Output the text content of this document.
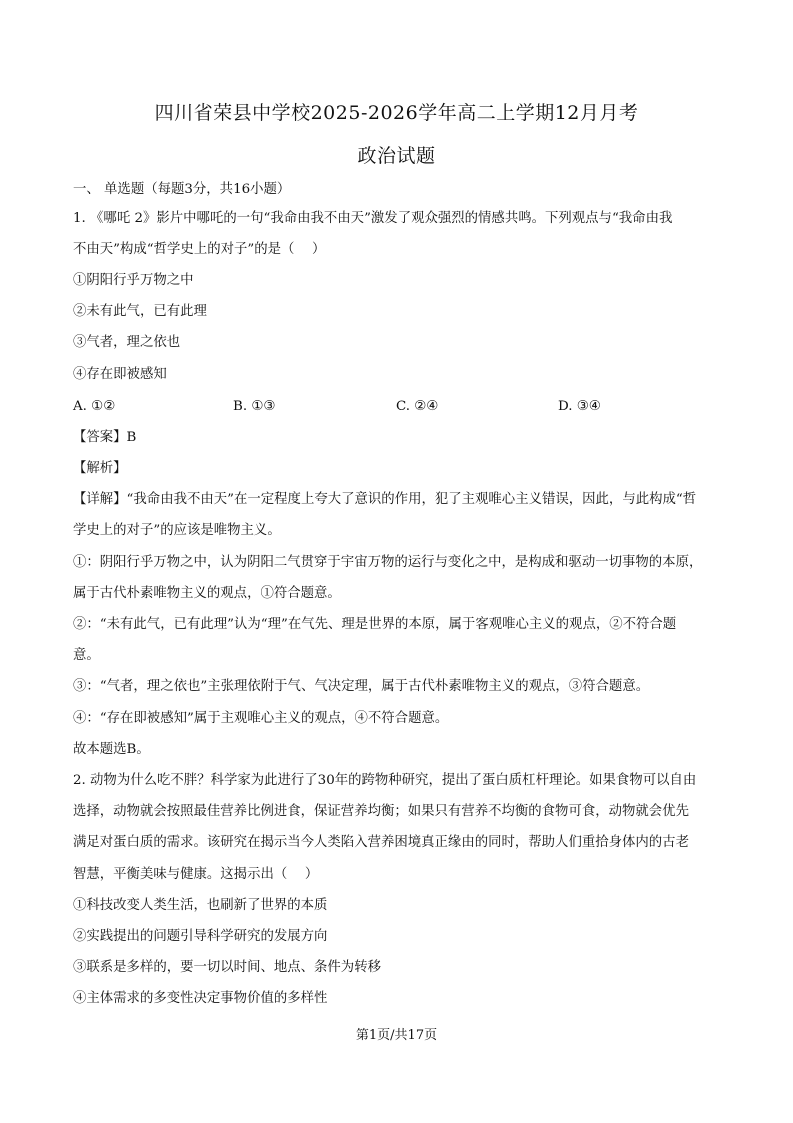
四川省荣县中学校2025-2026学年高二上学期12月月考
政治试题
一、 单选题（每题3分，共16小题）
1. 《哪吒 2》影片中哪吒的一句“我命由我不由天”激发了观众强烈的情感共鸣。下列观点与“我命由我
不由天”构成“哲学史上的对子”的是（　 ）
①阴阳行乎万物之中
②未有此气，已有此理
③气者，理之依也
④存在即被感知
A. ①②	B. ①③	C. ②④	D. ③④
【答案】B
【解析】
【详解】“我命由我不由天”在一定程度上夸大了意识的作用，犯了主观唯心主义错误，因此，与此构成“哲
学史上的对子”的应该是唯物主义。
①：阴阳行乎万物之中，认为阴阳二气贯穿于宇宙万物的运行与变化之中，是构成和驱动一切事物的本原，
属于古代朴素唯物主义的观点，①符合题意。
②：“未有此气，已有此理”认为“理”在气先、理是世界的本原，属于客观唯心主义的观点，②不符合题
意。
③：“气者，理之依也”主张理依附于气、气决定理，属于古代朴素唯物主义的观点，③符合题意。
④：“存在即被感知”属于主观唯心主义的观点，④不符合题意。
故本题选B。
2. 动物为什么吃不胖？科学家为此进行了30年的跨物种研究，提出了蛋白质杠杆理论。如果食物可以自由
选择，动物就会按照最佳营养比例进食，保证营养均衡；如果只有营养不均衡的食物可食，动物就会优先
满足对蛋白质的需求。该研究在揭示当今人类陷入营养困境真正缘由的同时，帮助人们重拾身体内的古老
智慧，平衡美味与健康。这揭示出（　 ）
①科技改变人类生活，也刷新了世界的本质
②实践提出的问题引导科学研究的发展方向
③联系是多样的，要一切以时间、地点、条件为转移
④主体需求的多变性决定事物价值的多样性
第1页/共17页
